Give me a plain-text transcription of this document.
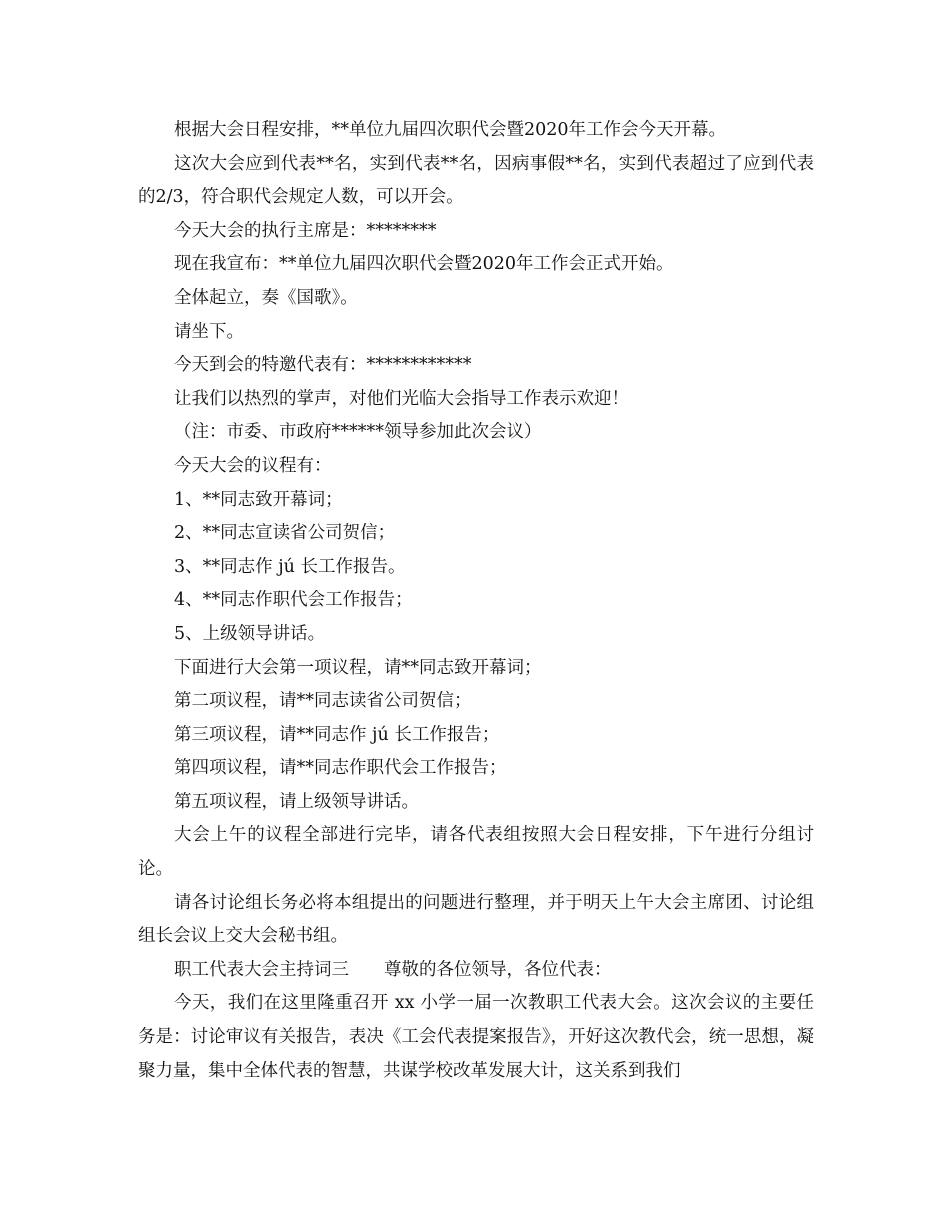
根据大会日程安排，**单位九届四次职代会暨2020年工作会今天开幕。

这次大会应到代表**名，实到代表**名，因病事假**名，实到代表超过了应到代表的2/3，符合职代会规定人数，可以开会。

今天大会的执行主席是：********

现在我宣布：**单位九届四次职代会暨2020年工作会正式开始。

全体起立，奏《国歌》。

请坐下。

今天到会的特邀代表有：************

让我们以热烈的掌声，对他们光临大会指导工作表示欢迎！

（注：市委、市政府******领导参加此次会议）

今天大会的议程有：

1、**同志致开幕词；

2、**同志宣读省公司贺信；

3、**同志作 jú 长工作报告。

4、**同志作职代会工作报告；

5、上级领导讲话。

下面进行大会第一项议程，请**同志致开幕词；

第二项议程，请**同志读省公司贺信；

第三项议程，请**同志作 jú 长工作报告；

第四项议程，请**同志作职代会工作报告；

第五项议程，请上级领导讲话。

大会上午的议程全部进行完毕，请各代表组按照大会日程安排，下午进行分组讨论。

请各讨论组长务必将本组提出的问题进行整理，并于明天上午大会主席团、讨论组组长会议上交大会秘书组。

职工代表大会主持词三　　尊敬的各位领导，各位代表：

今天，我们在这里隆重召开 xx 小学一届一次教职工代表大会。这次会议的主要任务是：讨论审议有关报告，表决《工会代表提案报告》，开好这次教代会，统一思想，凝聚力量，集中全体代表的智慧，共谋学校改革发展大计，这关系到我们
